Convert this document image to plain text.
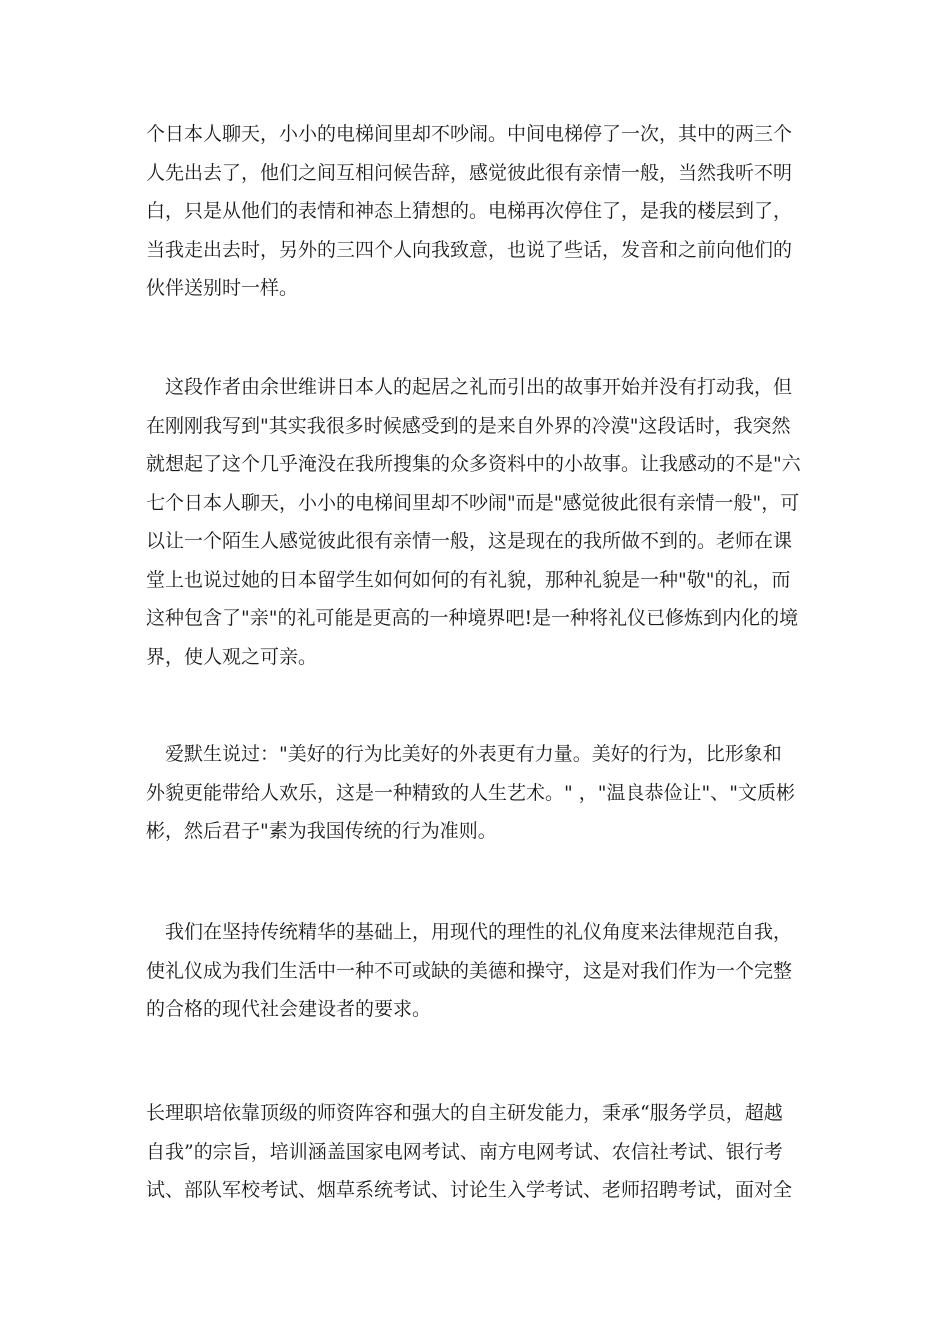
个日本人聊天，小小的电梯间里却不吵闹。中间电梯停了一次，其中的两三个
人先出去了，他们之间互相问候告辞，感觉彼此很有亲情一般，当然我听不明
白，只是从他们的表情和神态上猜想的。电梯再次停住了，是我的楼层到了，
当我走出去时，另外的三四个人向我致意，也说了些话，发音和之前向他们的
伙伴送别时一样。
　这段作者由余世维讲日本人的起居之礼而引出的故事开始并没有打动我，但
在刚刚我写到"其实我很多时候感受到的是来自外界的冷漠"这段话时，我突然
就想起了这个几乎淹没在我所搜集的众多资料中的小故事。让我感动的不是"六
七个日本人聊天，小小的电梯间里却不吵闹"而是"感觉彼此很有亲情一般"，可
以让一个陌生人感觉彼此很有亲情一般，这是现在的我所做不到的。老师在课
堂上也说过她的日本留学生如何如何的有礼貌，那种礼貌是一种"敬"的礼，而
这种包含了"亲"的礼可能是更高的一种境界吧!是一种将礼仪已修炼到内化的境
界，使人观之可亲。
　爱默生说过："美好的行为比美好的外表更有力量。美好的行为，比形象和
外貌更能带给人欢乐，这是一种精致的人生艺术。" ，"温良恭俭让"、"文质彬
彬，然后君子"素为我国传统的行为准则。
　我们在坚持传统精华的基础上，用现代的理性的礼仪角度来法律规范自我，
使礼仪成为我们生活中一种不可或缺的美德和操守，这是对我们作为一个完整
的合格的现代社会建设者的要求。
长理职培依靠顶级的师资阵容和强大的自主研发能力，秉承“服务学员，超越
自我”的宗旨，培训涵盖国家电网考试、南方电网考试、农信社考试、银行考
试、部队军校考试、烟草系统考试、讨论生入学考试、老师招聘考试，面对全
